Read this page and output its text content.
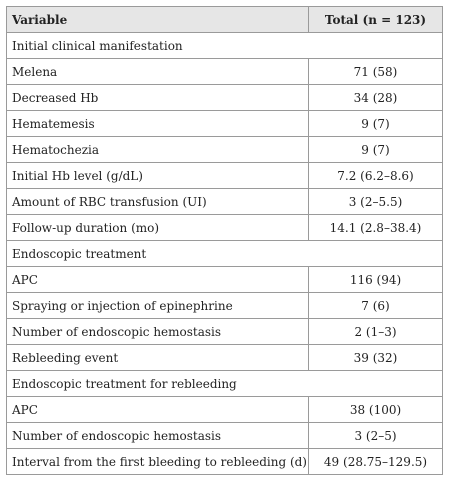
Variable	Total (n = 123)
Initial clinical manifestation	
Melena	71 (58)
Decreased Hb	34 (28)
Hematemesis	9 (7)
Hematochezia	9 (7)
Initial Hb level (g/dL)	7.2 (6.2–8.6)
Amount of RBC transfusion (UI)	3 (2–5.5)
Follow-up duration (mo)	14.1 (2.8–38.4)
Endoscopic treatment	
APC	116 (94)
Spraying or injection of epinephrine	7 (6)
Number of endoscopic hemostasis	2 (1–3)
Rebleeding event	39 (32)
Endoscopic treatment for rebleeding	
APC	38 (100)
Number of endoscopic hemostasis	3 (2–5)
Interval from the first bleeding to rebleeding (d)	49 (28.75–129.5)
